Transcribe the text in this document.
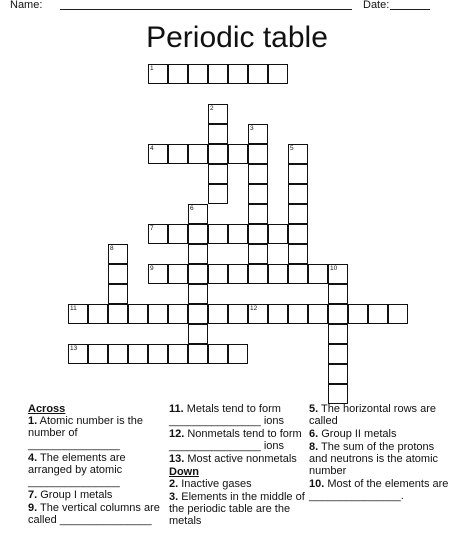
Name:	Date:
Periodic table
1
2
3
4	5
6
7
8
9	10
11	12
13
Across
1. Atomic number is the number of _______________
4. The elements are arranged by atomic _______________
7. Group I metals
9. The vertical columns are called _______________
11. Metals tend to form _______________ ions
12. Nonmetals tend to form _______________ ions
13. Most active nonmetals
Down
2. Inactive gases
3. Elements in the middle of the periodic table are the metals
5. The horizontal rows are called
6. Group II metals
8. The sum of the protons and neutrons is the atomic number
10. Most of the elements are _______________.
